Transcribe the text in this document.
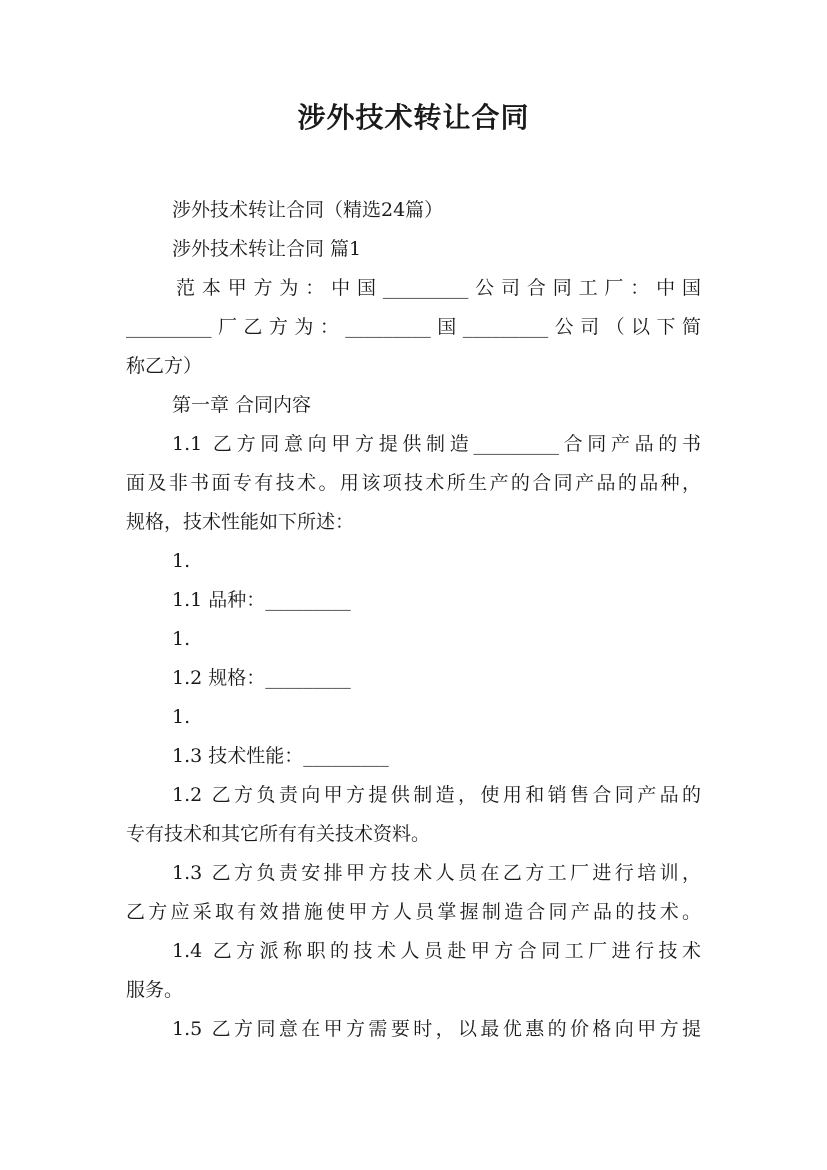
涉外技术转让合同
涉外技术转让合同（精选24篇）
涉外技术转让合同 篇1
范本甲方为：中国_________公司合同工厂：中国
_________厂乙方为：_________国_________公司（以下简
称乙方）
第一章 合同内容
1.1 乙方同意向甲方提供制造_________合同产品的书
面及非书面专有技术。用该项技术所生产的合同产品的品种，
规格，技术性能如下所述：
1.
1.1 品种：_________
1.
1.2 规格：_________
1.
1.3 技术性能：_________
1.2 乙方负责向甲方提供制造，使用和销售合同产品的
专有技术和其它所有有关技术资料。
1.3 乙方负责安排甲方技术人员在乙方工厂进行培训，
乙方应采取有效措施使甲方人员掌握制造合同产品的技术。
1.4 乙方派称职的技术人员赴甲方合同工厂进行技术
服务。
1.5 乙方同意在甲方需要时，以最优惠的价格向甲方提
